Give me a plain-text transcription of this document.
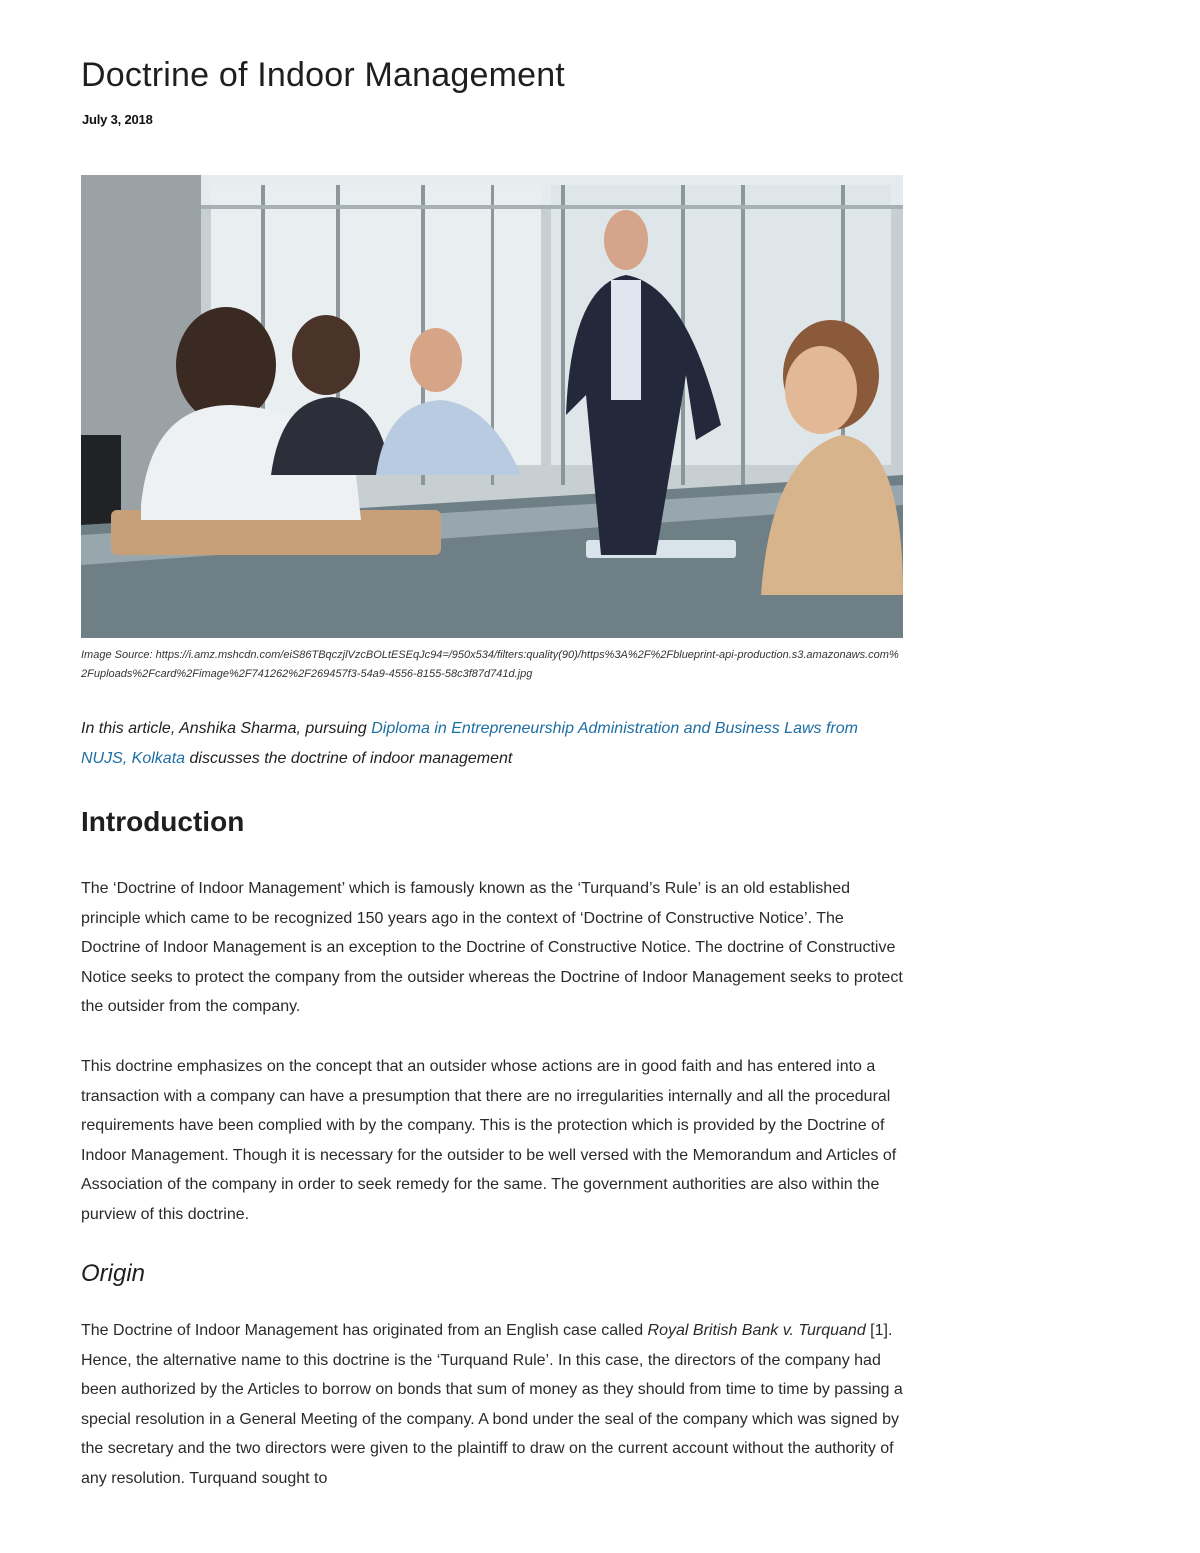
Doctrine of Indoor Management
July 3, 2018
Image Source: https://i.amz.mshcdn.com/eiS86TBqczjlVzcBOLtESEqJc94=/950x534/filters:quality(90)/https%3A%2F%2Fblueprint-api-production.s3.amazonaws.com%2Fuploads%2Fcard%2Fimage%2F741262%2F269457f3-54a9-4556-8155-58c3f87d741d.jpg

In this article, Anshika Sharma, pursuing Diploma in Entrepreneurship Administration and Business Laws from NUJS, Kolkata discusses the doctrine of indoor management

Introduction

The ‘Doctrine of Indoor Management’ which is famously known as the ‘Turquand’s Rule’ is an old established principle which came to be recognized 150 years ago in the context of ‘Doctrine of Constructive Notice’. The Doctrine of Indoor Management is an exception to the Doctrine of Constructive Notice. The doctrine of Constructive Notice seeks to protect the company from the outsider whereas the Doctrine of Indoor Management seeks to protect the outsider from the company.

This doctrine emphasizes on the concept that an outsider whose actions are in good faith and has entered into a transaction with a company can have a presumption that there are no irregularities internally and all the procedural requirements have been complied with by the company. This is the protection which is provided by the Doctrine of Indoor Management. Though it is necessary for the outsider to be well versed with the Memorandum and Articles of Association of the company in order to seek remedy for the same. The government authorities are also within the purview of this doctrine.

Origin

The Doctrine of Indoor Management has originated from an English case called Royal British Bank v. Turquand [1]. Hence, the alternative name to this doctrine is the ‘Turquand Rule’. In this case, the directors of the company had been authorized by the Articles to borrow on bonds that sum of money as they should from time to time by passing a special resolution in a General Meeting of the company. A bond under the seal of the company which was signed by the secretary and the two directors were given to the plaintiff to draw on the current account without the authority of any resolution. Turquand sought to
